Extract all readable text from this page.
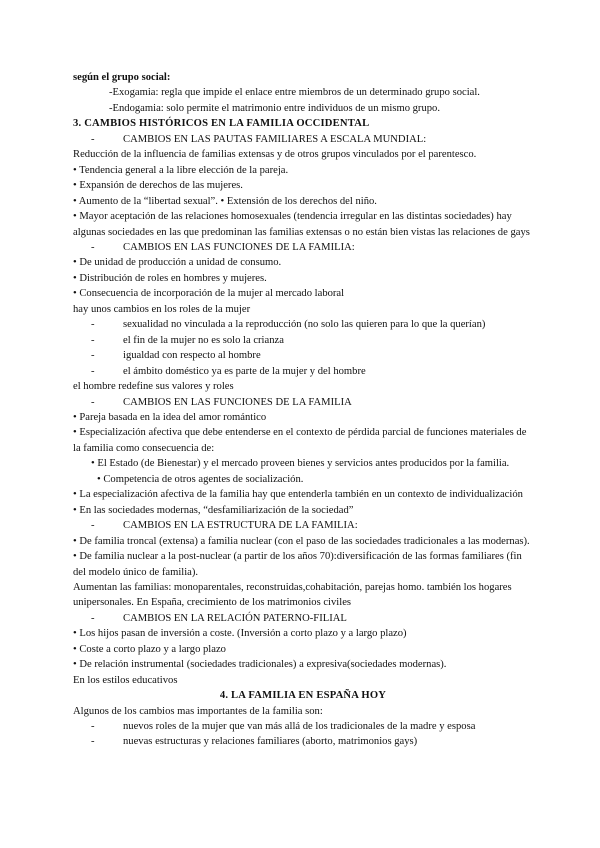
según el grupo social:
-Exogamia: regla que impide el enlace entre miembros de un determinado grupo social.
-Endogamia: solo permite el matrimonio entre individuos de un mismo grupo.
3. CAMBIOS HISTÓRICOS EN LA FAMILIA OCCIDENTAL
-	CAMBIOS EN LAS PAUTAS FAMILIARES A ESCALA MUNDIAL:
Reducción de la influencia de familias extensas y de otros grupos vinculados por el parentesco.
• Tendencia general a la libre elección de la pareja.
• Expansión de derechos de las mujeres.
• Aumento de la “libertad sexual”. • Extensión de los derechos del niño.
• Mayor aceptación de las relaciones homosexuales (tendencia irregular en las distintas sociedades) hay algunas sociedades en las que predominan las familias extensas o no están bien vistas las relaciones de gays
-	CAMBIOS EN LAS FUNCIONES DE LA FAMILIA:
• De unidad de producción a unidad de consumo.
• Distribución de roles en hombres y mujeres.
• Consecuencia de incorporación de la mujer al mercado laboral
hay unos cambios en los roles de la mujer
-	sexualidad no vinculada a la reproducción (no solo las quieren para lo que la querían)
-	el fin de la mujer no es solo la crianza
-	igualdad con respecto al hombre
-	el ámbito doméstico ya es parte de la mujer y del hombre
el hombre redefine sus valores y roles
-	CAMBIOS EN LAS FUNCIONES DE LA FAMILIA
• Pareja basada en la idea del amor romántico
• Especialización afectiva que debe entenderse en el contexto de pérdida parcial de funciones materiales de la familia como consecuencia de:
• El Estado (de Bienestar) y el mercado proveen bienes y servicios antes producidos por la familia.
• Competencia de otros agentes de socialización.
• La especialización afectiva de la familia hay que entenderla también en un contexto de individualización
• En las sociedades modernas, “desfamiliarización de la sociedad”
-	CAMBIOS EN LA ESTRUCTURA DE LA FAMILIA:
• De familia troncal (extensa) a familia nuclear (con el paso de las sociedades tradicionales a las modernas).
• De familia nuclear a la post-nuclear (a partir de los años 70):diversificación de las formas familiares (fin del modelo único de familia).
Aumentan las familias: monoparentales, reconstruidas,cohabitación, parejas homo. también los hogares unipersonales. En España, crecimiento de los matrimonios civiles
-	CAMBIOS EN LA RELACIÓN PATERNO-FILIAL
• Los hijos pasan de inversión a coste. (Inversión a corto plazo y a largo plazo)
• Coste a corto plazo y a largo plazo
• De relación instrumental (sociedades tradicionales) a expresiva(sociedades modernas).
En los estilos educativos
4. LA FAMILIA EN ESPAÑA HOY
Algunos de los cambios mas importantes de la familia son:
-	nuevos roles de la mujer que van más allá de los tradicionales de la madre y esposa
-	nuevas estructuras y relaciones familiares (aborto, matrimonios gays)
